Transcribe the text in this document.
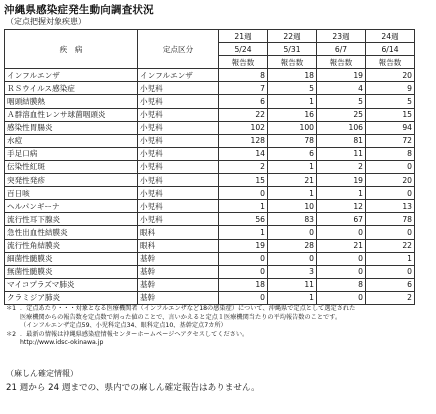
沖縄県感染症発生動向調査状況
（定点把握対象疾患）
疾　病	定点区分	21週	22週	23週	24週
		5/24	5/31	6/7	6/14
		報告数	報告数	報告数	報告数
インフルエンザ	インフルエンザ	8	18	19	20
ＲＳウイルス感染症	小児科	7	5	4	9
咽頭結膜熱	小児科	6	1	5	5
Ａ群溶血性レンサ球菌咽頭炎	小児科	22	16	25	15
感染性胃腸炎	小児科	102	100	106	94
水痘	小児科	128	78	81	72
手足口病	小児科	14	6	11	8
伝染性紅斑	小児科	2	1	2	0
突発性発疹	小児科	15	21	19	20
百日咳	小児科	0	1	1	0
ヘルパンギーナ	小児科	1	10	12	13
流行性耳下腺炎	小児科	56	83	67	78
急性出血性結膜炎	眼科	1	0	0	0
流行性角結膜炎	眼科	19	28	21	22
細菌性髄膜炎	基幹	0	0	0	1
無菌性髄膜炎	基幹	0	3	0	0
マイコプラズマ肺炎	基幹	18	11	8	6
クラミジア肺炎	基幹	0	1	0	2
＊1 ．定点あたり・・・対象となる医療機関者（インフルエンザなど18の感染症）について、沖縄県で定点として選定された
医療機関からの報告数を定点数で割った値のことで、言いかえると定点１医療機関当たりの平均報告数のことです。
（インフルエンザ定点59、小児科定点34、眼科定点10、基幹定点7カ所）
＊2 ．最新の情報は沖縄県感染症情報センターホームページへアクセスしてください。
http://www.idsc-okinawa.jp
（麻しん確定情報）
21 週から 24 週までの、県内での麻しん確定報告はありません。
